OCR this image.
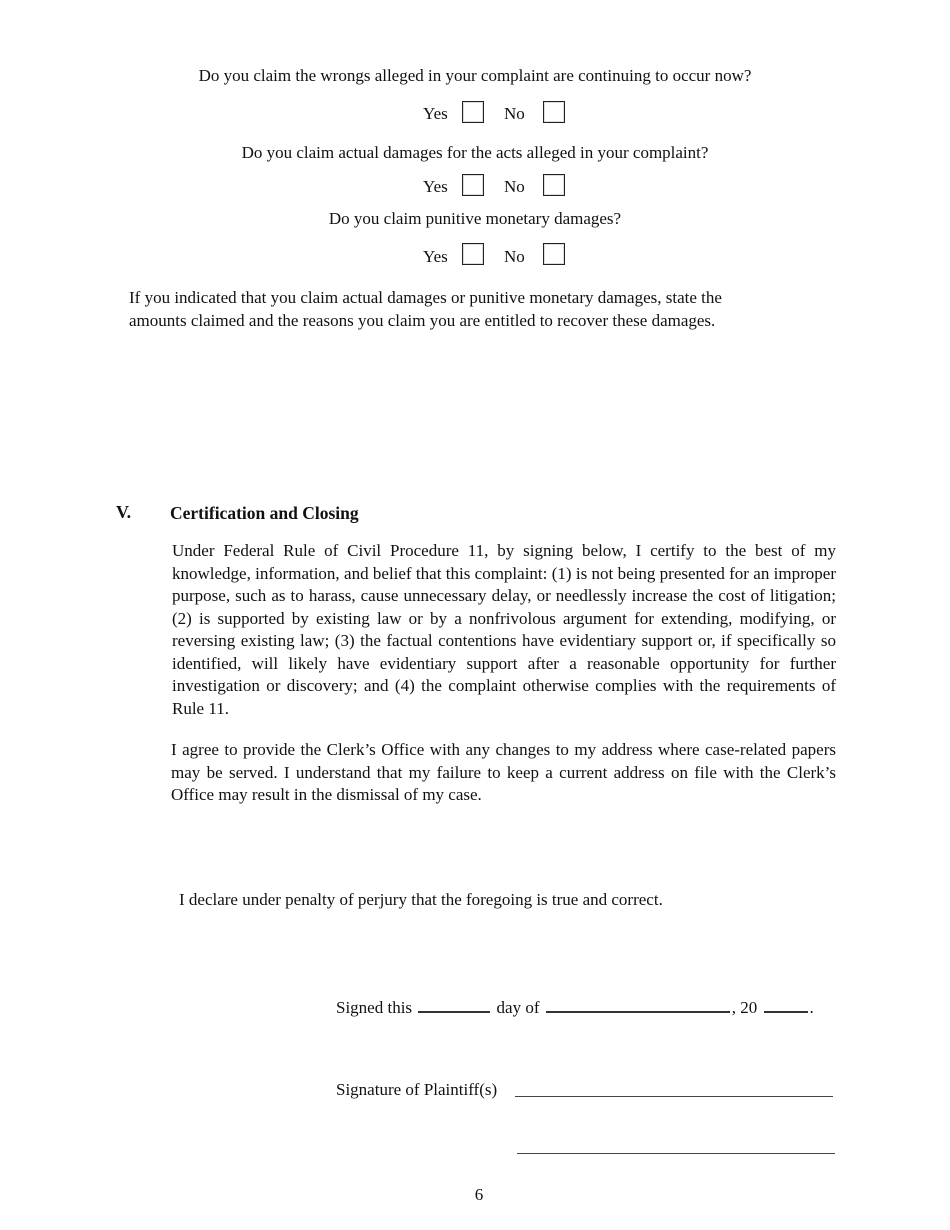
Do you claim the wrongs alleged in your complaint are continuing to occur now?
Yes	No
Do you claim actual damages for the acts alleged in your complaint?
Yes	No
Do you claim punitive monetary damages?
Yes	No
If you indicated that you claim actual damages or punitive monetary damages, state the
amounts claimed and the reasons you claim you are entitled to recover these damages.
V. Certification and Closing
Under Federal Rule of Civil Procedure 11, by signing below, I certify to the best of my knowledge, information, and belief that this complaint: (1) is not being presented for an improper purpose, such as to harass, cause unnecessary delay, or needlessly increase the cost of litigation; (2) is supported by existing law or by a nonfrivolous argument for extending, modifying, or reversing existing law; (3) the factual contentions have evidentiary support or, if specifically so identified, will likely have evidentiary support after a reasonable opportunity for further investigation or discovery; and (4) the complaint otherwise complies with the requirements of Rule 11.
I agree to provide the Clerk’s Office with any changes to my address where case-related papers may be served. I understand that my failure to keep a current address on file with the Clerk’s Office may result in the dismissal of my case.
I declare under penalty of perjury that the foregoing is true and correct.
Signed this	day of	, 20	.
Signature of Plaintiff(s)
6
